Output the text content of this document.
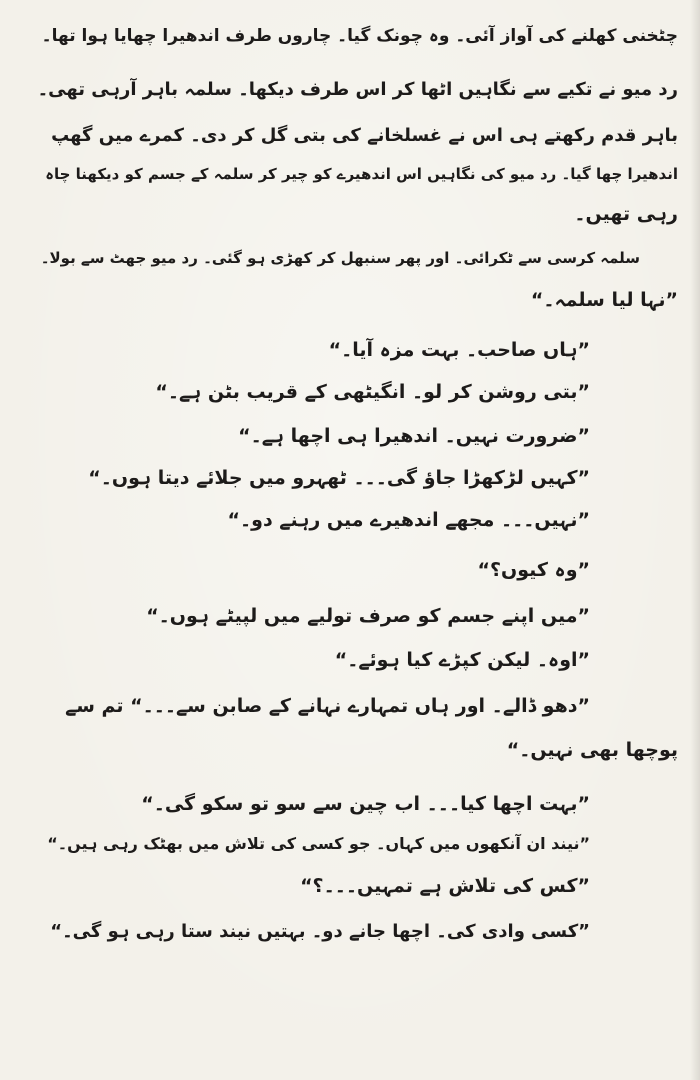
چٹخنی کھلنے کی آواز آئی۔ وہ چونک گیا۔ چاروں طرف اندھیرا چھایا ہوا تھا۔
رد میو نے تکیے سے نگاہیں اٹھا کر اس طرف دیکھا۔ سلمہ باہر آرہی تھی۔
باہر قدم رکھتے ہی اس نے غسلخانے کی بتی گل کر دی۔ کمرے میں گھپ
اندھیرا چھا گیا۔ رد میو کی نگاہیں اس اندھیرے کو چیر کر سلمہ کے جسم کو دیکھنا چاہ
رہی تھیں۔
سلمہ کرسی سے ٹکرائی۔ اور پھر سنبھل کر کھڑی ہو گئی۔ رد میو جھٹ سے بولا۔
”نہا لیا سلمہ۔“
”ہاں صاحب۔ بہت مزہ آیا۔“
”بتی روشن کر لو۔ انگیٹھی کے قریب بٹن ہے۔“
”ضرورت نہیں۔ اندھیرا ہی اچھا ہے۔“
”کہیں لڑکھڑا جاؤ گی۔۔۔ ٹھہرو میں جلائے دیتا ہوں۔“
”نہیں۔۔۔ مجھے اندھیرے میں رہنے دو۔“
”وہ کیوں؟“
”میں اپنے جسم کو صرف تولیے میں لپیٹے ہوں۔“
”اوہ۔ لیکن کپڑے کیا ہوئے۔“
”دھو ڈالے۔ اور ہاں تمہارے نہانے کے صابن سے۔۔۔“ تم سے
پوچھا بھی نہیں۔“
”بہت اچھا کیا۔۔۔ اب چین سے سو تو سکو گی۔“
”نیند ان آنکھوں میں کہاں۔ جو کسی کی تلاش میں بھٹک رہی ہیں۔“
”کس کی تلاش ہے تمہیں۔۔۔؟“
”کسی وادی کی۔ اچھا جانے دو۔ بہتیں نیند ستا رہی ہو گی۔“
